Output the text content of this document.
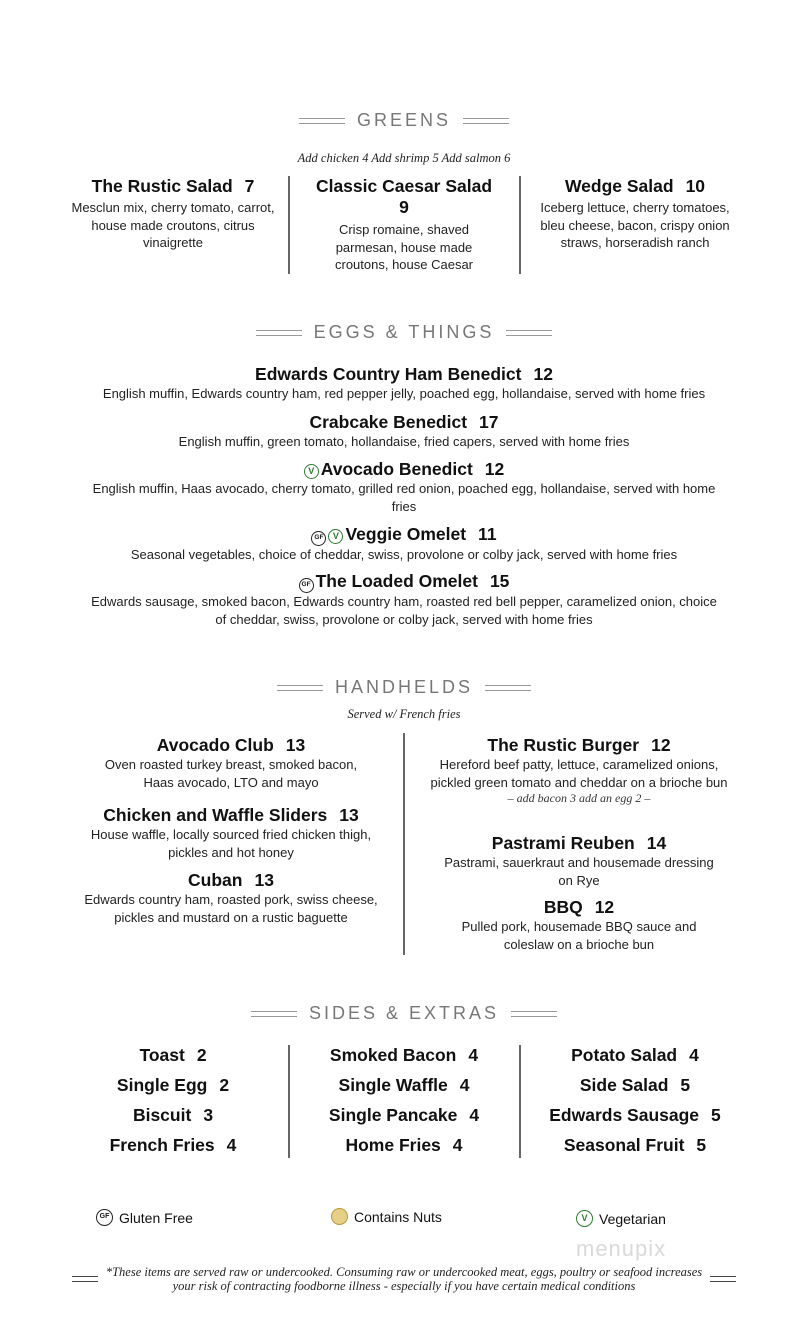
GREENS
Add chicken 4 Add shrimp 5 Add salmon 6
The Rustic Salad 7
Mesclun mix, cherry tomato, carrot, house made croutons, citrus vinaigrette
Classic Caesar Salad
9
Crisp romaine, shaved parmesan, house made croutons, house Caesar
Wedge Salad 10
Iceberg lettuce, cherry tomatoes, bleu cheese, bacon, crispy onion straws, horseradish ranch
EGGS & THINGS
Edwards Country Ham Benedict 12
English muffin, Edwards country ham, red pepper jelly, poached egg, hollandaise, served with home fries
Crabcake Benedict 17
English muffin, green tomato, hollandaise, fried capers, served with home fries
V Avocado Benedict 12
English muffin, Haas avocado, cherry tomato, grilled red onion, poached egg, hollandaise, served with home fries
GF V Veggie Omelet 11
Seasonal vegetables, choice of cheddar, swiss, provolone or colby jack, served with home fries
GF The Loaded Omelet 15
Edwards sausage, smoked bacon, Edwards country ham, roasted red bell pepper, caramelized onion, choice of cheddar, swiss, provolone or colby jack, served with home fries
HANDHELDS
Served w/ French fries
Avocado Club 13
Oven roasted turkey breast, smoked bacon, Haas avocado, LTO and mayo
Chicken and Waffle Sliders 13
House waffle, locally sourced fried chicken thigh, pickles and hot honey
Cuban 13
Edwards country ham, roasted pork, swiss cheese, pickles and mustard on a rustic baguette
The Rustic Burger 12
Hereford beef patty, lettuce, caramelized onions, pickled green tomato and cheddar on a brioche bun
– add bacon 3 add an egg 2 –
Pastrami Reuben 14
Pastrami, sauerkraut and housemade dressing on Rye
BBQ 12
Pulled pork, housemade BBQ sauce and coleslaw on a brioche bun
SIDES & EXTRAS
Toast 2
Single Egg 2
Biscuit 3
French Fries 4
Smoked Bacon 4
Single Waffle 4
Single Pancake 4
Home Fries 4
Potato Salad 4
Side Salad 5
Edwards Sausage 5
Seasonal Fruit 5
GF Gluten Free	Contains Nuts	V Vegetarian
menupix
*These items are served raw or undercooked. Consuming raw or undercooked meat, eggs, poultry or seafood increases your risk of contracting foodborne illness - especially if you have certain medical conditions
